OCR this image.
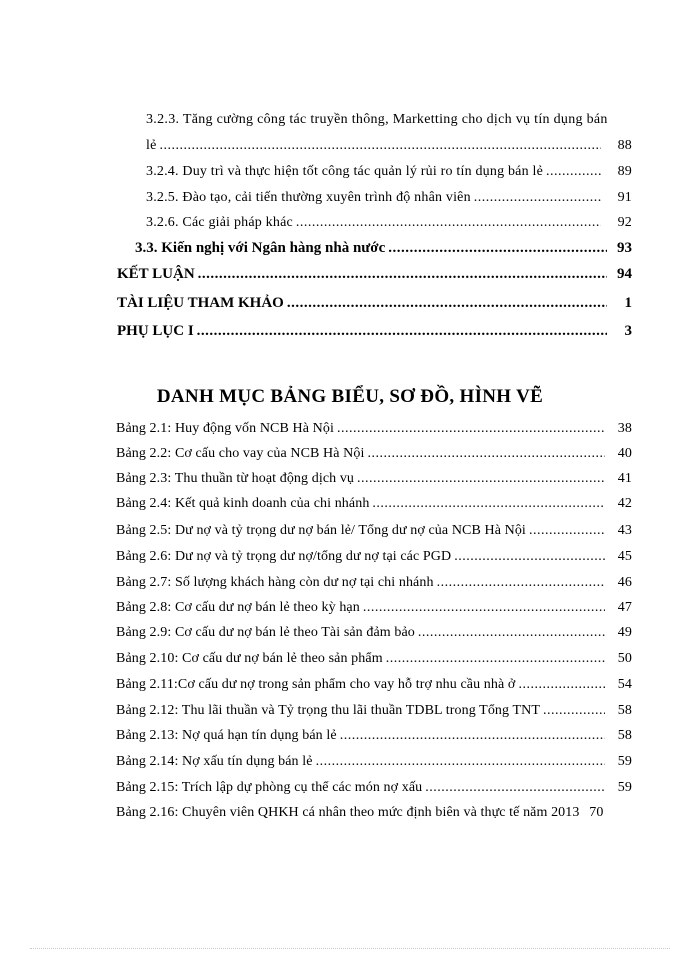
3.2.3. Tăng cường công tác truyền thông, Marketting cho dịch vụ tín dụng bán
lẻ .....	88
3.2.4. Duy trì và thực hiện tốt công tác quản lý rủi ro tín dụng bán lẻ .....	89
3.2.5. Đào tạo, cải tiến thường xuyên trình độ nhân viên .....	91
3.2.6. Các giải pháp khác .....	92
3.3. Kiến nghị với Ngân hàng nhà nước .....	93
KẾT LUẬN .....	94
TÀI LIỆU THAM KHẢO .....	1
PHỤ LỤC I .....	3
DANH MỤC BẢNG BIỂU, SƠ ĐỒ, HÌNH VẼ
Bảng 2.1: Huy động vốn NCB Hà Nội .....	38
Bảng 2.2: Cơ cấu cho vay của NCB Hà Nội .....	40
Bảng 2.3: Thu thuần từ hoạt động dịch vụ .....	41
Bảng 2.4: Kết quả kinh doanh của chi nhánh .....	42
Bảng 2.5: Dư nợ và tỷ trọng dư nợ bán lẻ/ Tổng dư nợ của NCB Hà Nội .....	43
Bảng 2.6: Dư nợ và tỷ trọng dư nợ/tổng dư nợ tại các PGD .....	45
Bảng 2.7: Số lượng khách hàng còn dư nợ tại chi nhánh .....	46
Bảng 2.8: Cơ cấu dư nợ bán lẻ theo kỳ hạn .....	47
Bảng 2.9: Cơ cấu dư nợ bán lẻ theo Tài sản đảm bảo .....	49
Bảng 2.10: Cơ cấu dư nợ bán lẻ theo sản phẩm .....	50
Bảng 2.11:Cơ cấu dư nợ trong sản phẩm cho vay hỗ trợ nhu cầu nhà ở .....	54
Bảng 2.12: Thu lãi thuần và Tỷ trọng thu lãi thuần TDBL trong Tổng TNT .....	58
Bảng 2.13: Nợ quá hạn tín dụng bán lẻ .....	58
Bảng 2.14: Nợ xấu tín dụng bán lẻ .....	59
Bảng 2.15: Trích lập dự phòng cụ thể các món nợ xấu .....	59
Bảng 2.16: Chuyên viên QHKH cá nhân theo mức định biên và thực tế năm 2013 70
